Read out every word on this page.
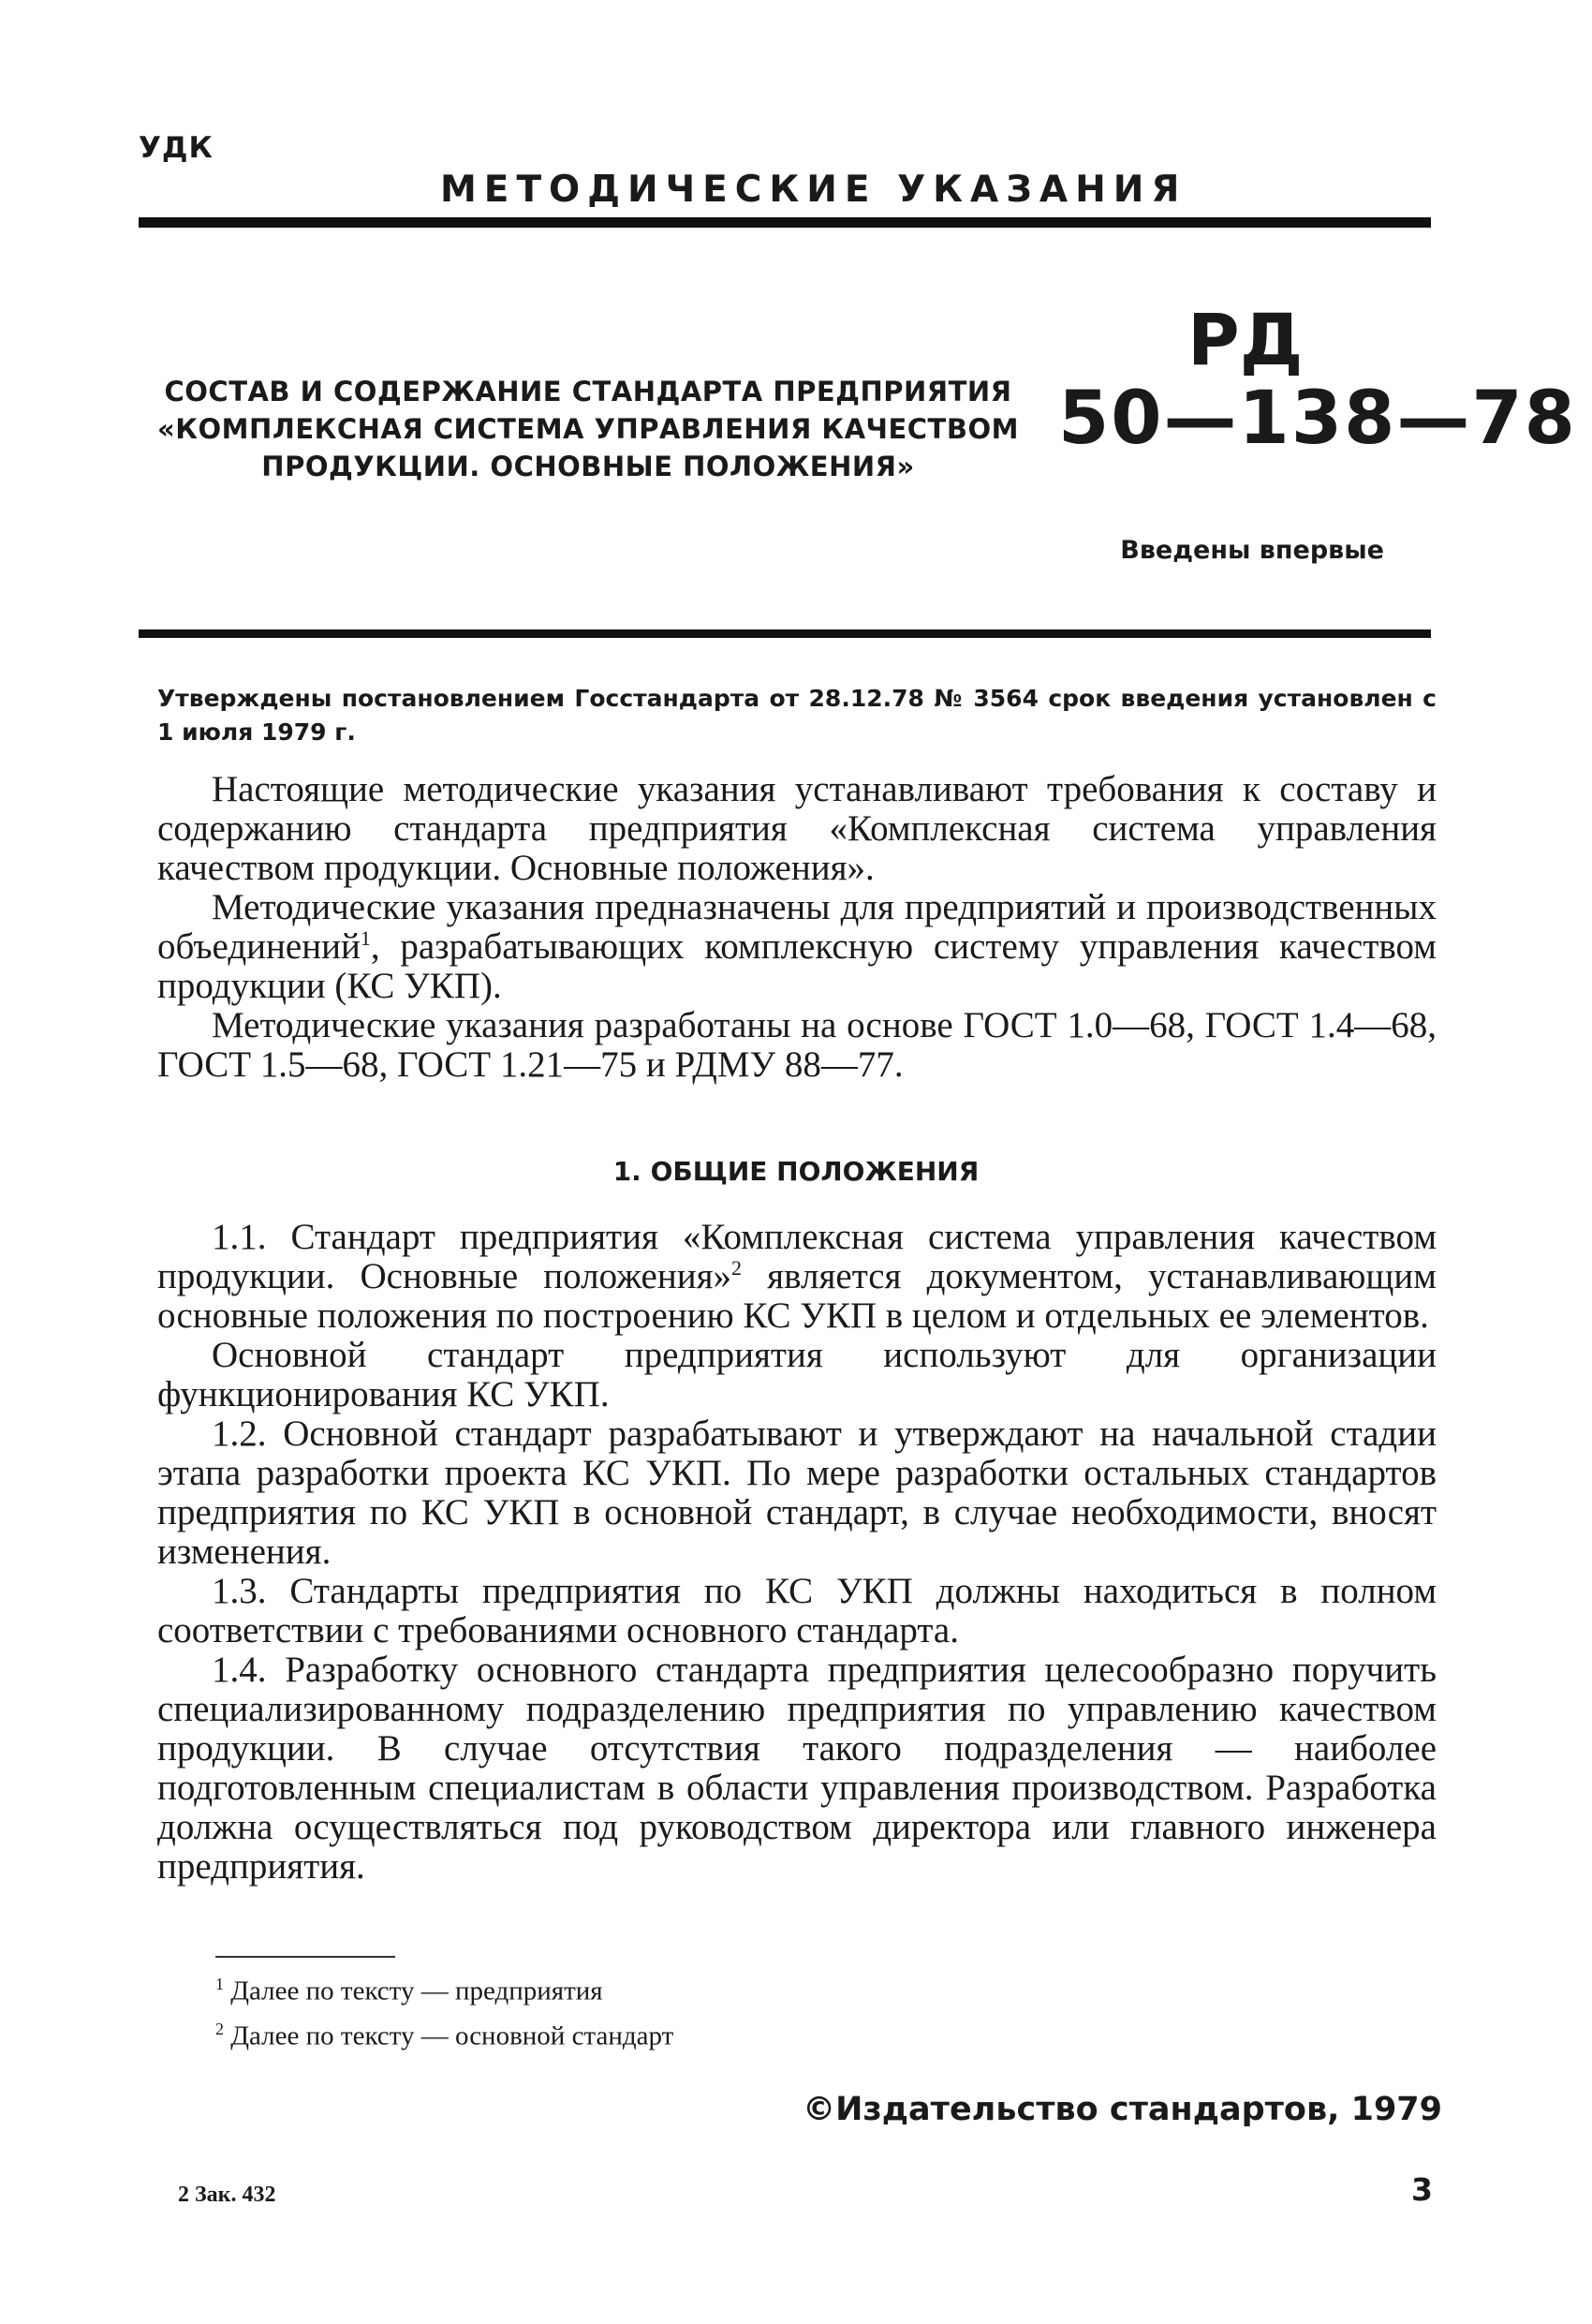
УДК
МЕТОДИЧЕСКИЕ УКАЗАНИЯ
СОСТАВ И СОДЕРЖАНИЕ СТАНДАРТА ПРЕДПРИЯТИЯ
«КОМПЛЕКСНАЯ СИСТЕМА УПРАВЛЕНИЯ КАЧЕСТВОМ
ПРОДУКЦИИ. ОСНОВНЫЕ ПОЛОЖЕНИЯ»
РД
50—138—78
Введены впервые
Утверждены постановлением Госстандарта от 28.12.78 № 3564 срок введения установлен с 1 июля 1979 г.

Настоящие методические указания устанавливают требования к составу и содержанию стандарта предприятия «Комплексная система управления качеством продукции. Основные положения».

Методические указания предназначены для предприятий и производственных объединений$^1$, разрабатывающих комплексную систему управления качеством продукции (КС УКП).

Методические указания разработаны на основе ГОСТ 1.0—68, ГОСТ 1.4—68, ГОСТ 1.5—68, ГОСТ 1.21—75 и РДМУ 88—77.

1. ОБЩИЕ ПОЛОЖЕНИЯ

1.1. Стандарт предприятия «Комплексная система управления качеством продукции. Основные положения»$^2$ является документом, устанавливающим основные положения по построению КС УКП в целом и отдельных ее элементов.

Основной стандарт предприятия используют для организации функционирования КС УКП.

1.2. Основной стандарт разрабатывают и утверждают на начальной стадии этапа разработки проекта КС УКП. По мере разработки остальных стандартов предприятия по КС УКП в основной стандарт, в случае необходимости, вносят изменения.

1.3. Стандарты предприятия по КС УКП должны находиться в полном соответствии с требованиями основного стандарта.

1.4. Разработку основного стандарта предприятия целесообразно поручить специализированному подразделению предприятия по управлению качеством продукции. В случае отсутствия такого подразделения — наиболее подготовленным специалистам в области управления производством. Разработка должна осуществляться под руководством директора или главного инженера предприятия.

$^1$ Далее по тексту — предприятия
$^2$ Далее по тексту — основной стандарт
©Издательство стандартов, 1979
2 Зак. 432	3
